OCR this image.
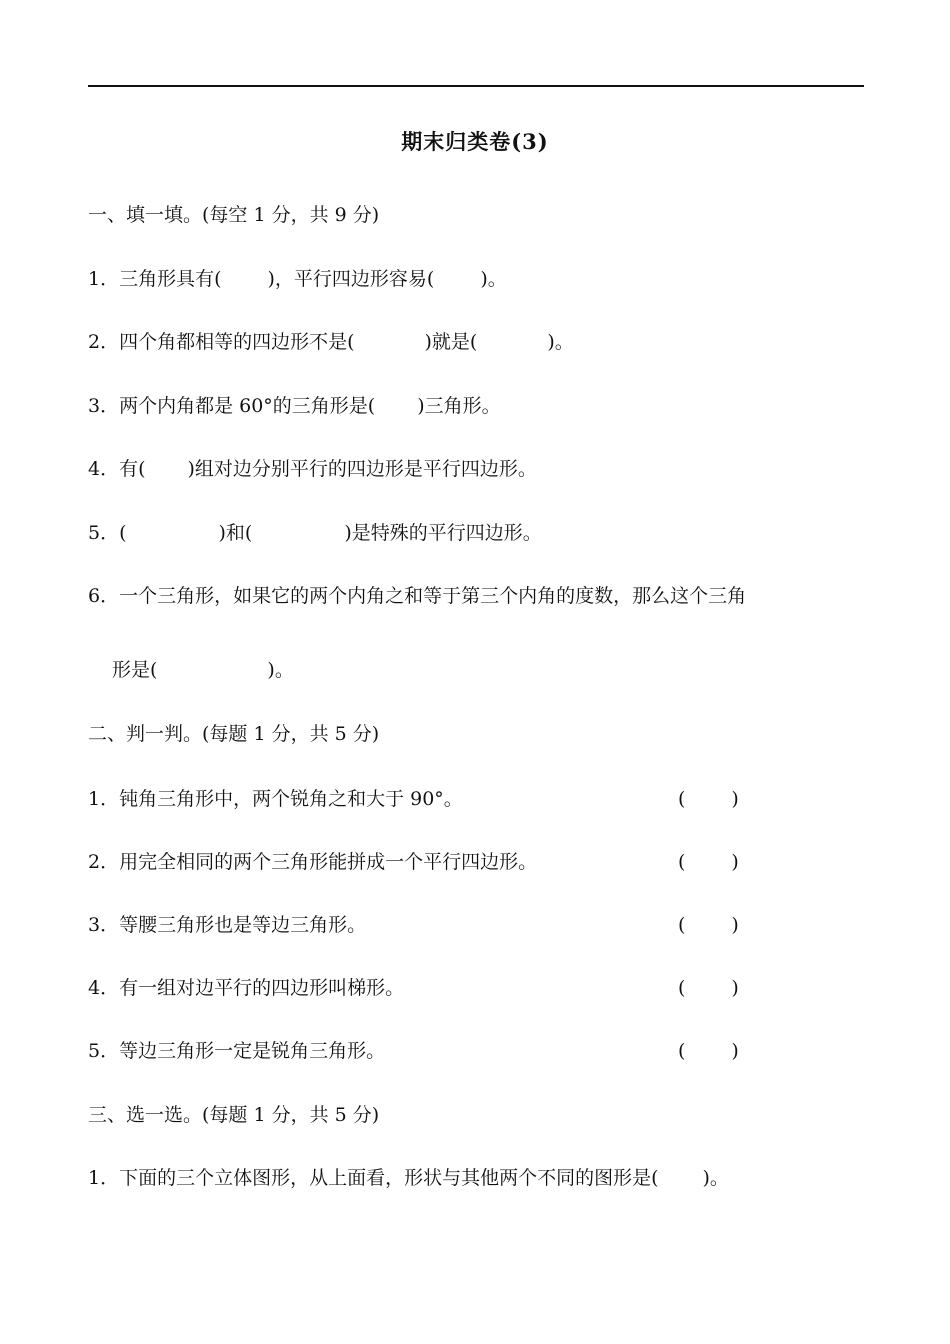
期末归类卷(3)
一、填一填。(每空 1 分，共 9 分)
1．三角形具有( )，平行四边形容易( )。
2．四个角都相等的四边形不是(	)就是(	)。
3．两个内角都是 60°的三角形是( )三角形。
4．有( )组对边分别平行的四边形是平行四边形。
5．(	)和(	)是特殊的平行四边形。
6．一个三角形，如果它的两个内角之和等于第三个内角的度数，那么这个三角
形是(	)。
二、判一判。(每题 1 分，共 5 分)
1．钝角三角形中，两个锐角之和大于 90°。	( )
2．用完全相同的两个三角形能拼成一个平行四边形。	( )
3．等腰三角形也是等边三角形。	( )
4．有一组对边平行的四边形叫梯形。	( )
5．等边三角形一定是锐角三角形。	( )
三、选一选。(每题 1 分，共 5 分)
1．下面的三个立体图形，从上面看，形状与其他两个不同的图形是( )。
